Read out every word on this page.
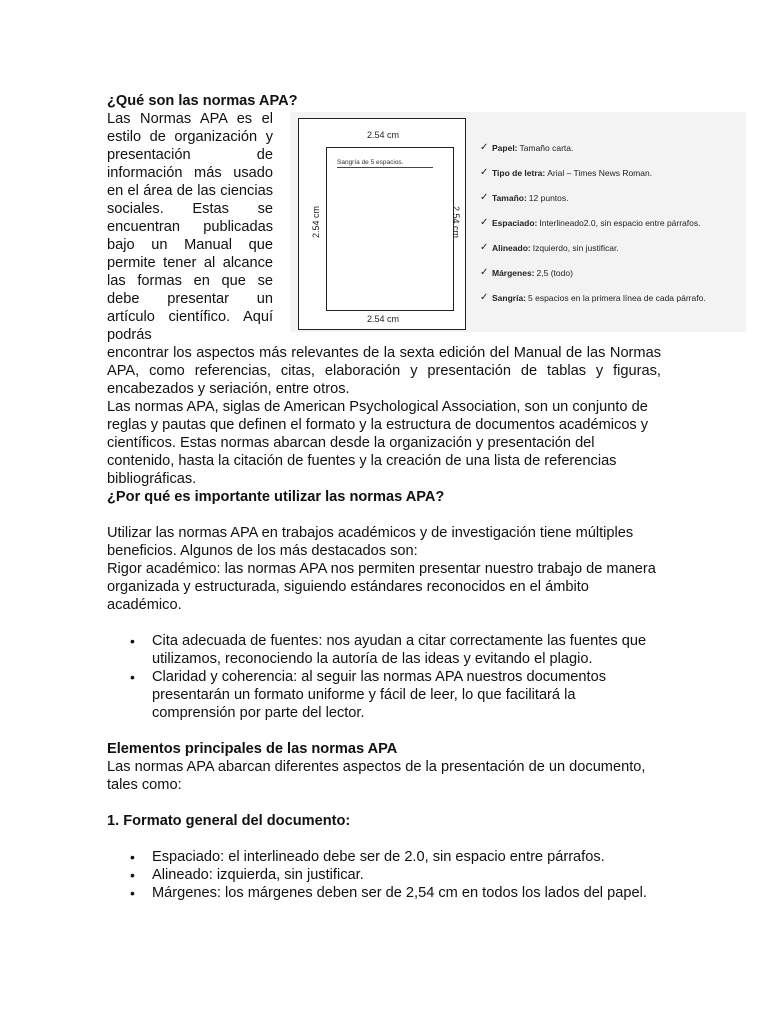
2.54 cm
2.54 cm
2.54 cm	2.54 cm
Sangría de 5 espacios.
✓ Papel: Tamaño carta.
✓ Tipo de letra: Arial – Times News Roman.
✓ Tamaño: 12 puntos.
✓ Espaciado: Interlineado2.0, sin espacio entre párrafos.
✓ Alineado: Izquierdo, sin justificar.
✓ Márgenes: 2,5 (todo)
✓ Sangría: 5 espacios en la primera línea de cada párrafo.

¿Qué son las normas APA?

Las Normas APA es el estilo de organización y presentación de información más usado en el área de las ciencias sociales. Estas se encuentran publicadas bajo un Manual que permite tener al alcance las formas en que se debe presentar un artículo científico. Aquí podrás

encontrar los aspectos más relevantes de la sexta edición del Manual de las Normas APA, como referencias, citas, elaboración y presentación de tablas y figuras, encabezados y seriación, entre otros.

Las normas APA, siglas de American Psychological Association, son un conjunto de reglas y pautas que definen el formato y la estructura de documentos académicos y científicos. Estas normas abarcan desde la organización y presentación del contenido, hasta la citación de fuentes y la creación de una lista de referencias bibliográficas.

¿Por qué es importante utilizar las normas APA?

Utilizar las normas APA en trabajos académicos y de investigación tiene múltiples beneficios. Algunos de los más destacados son:

Rigor académico: las normas APA nos permiten presentar nuestro trabajo de manera organizada y estructurada, siguiendo estándares reconocidos en el ámbito académico.

• Cita adecuada de fuentes: nos ayudan a citar correctamente las fuentes que utilizamos, reconociendo la autoría de las ideas y evitando el plagio.
• Claridad y coherencia: al seguir las normas APA nuestros documentos presentarán un formato uniforme y fácil de leer, lo que facilitará la comprensión por parte del lector.

Elementos principales de las normas APA

Las normas APA abarcan diferentes aspectos de la presentación de un documento, tales como:

1. Formato general del documento:

• Espaciado: el interlineado debe ser de 2.0, sin espacio entre párrafos.
• Alineado: izquierda, sin justificar.
• Márgenes: los márgenes deben ser de 2,54 cm en todos los lados del papel.
